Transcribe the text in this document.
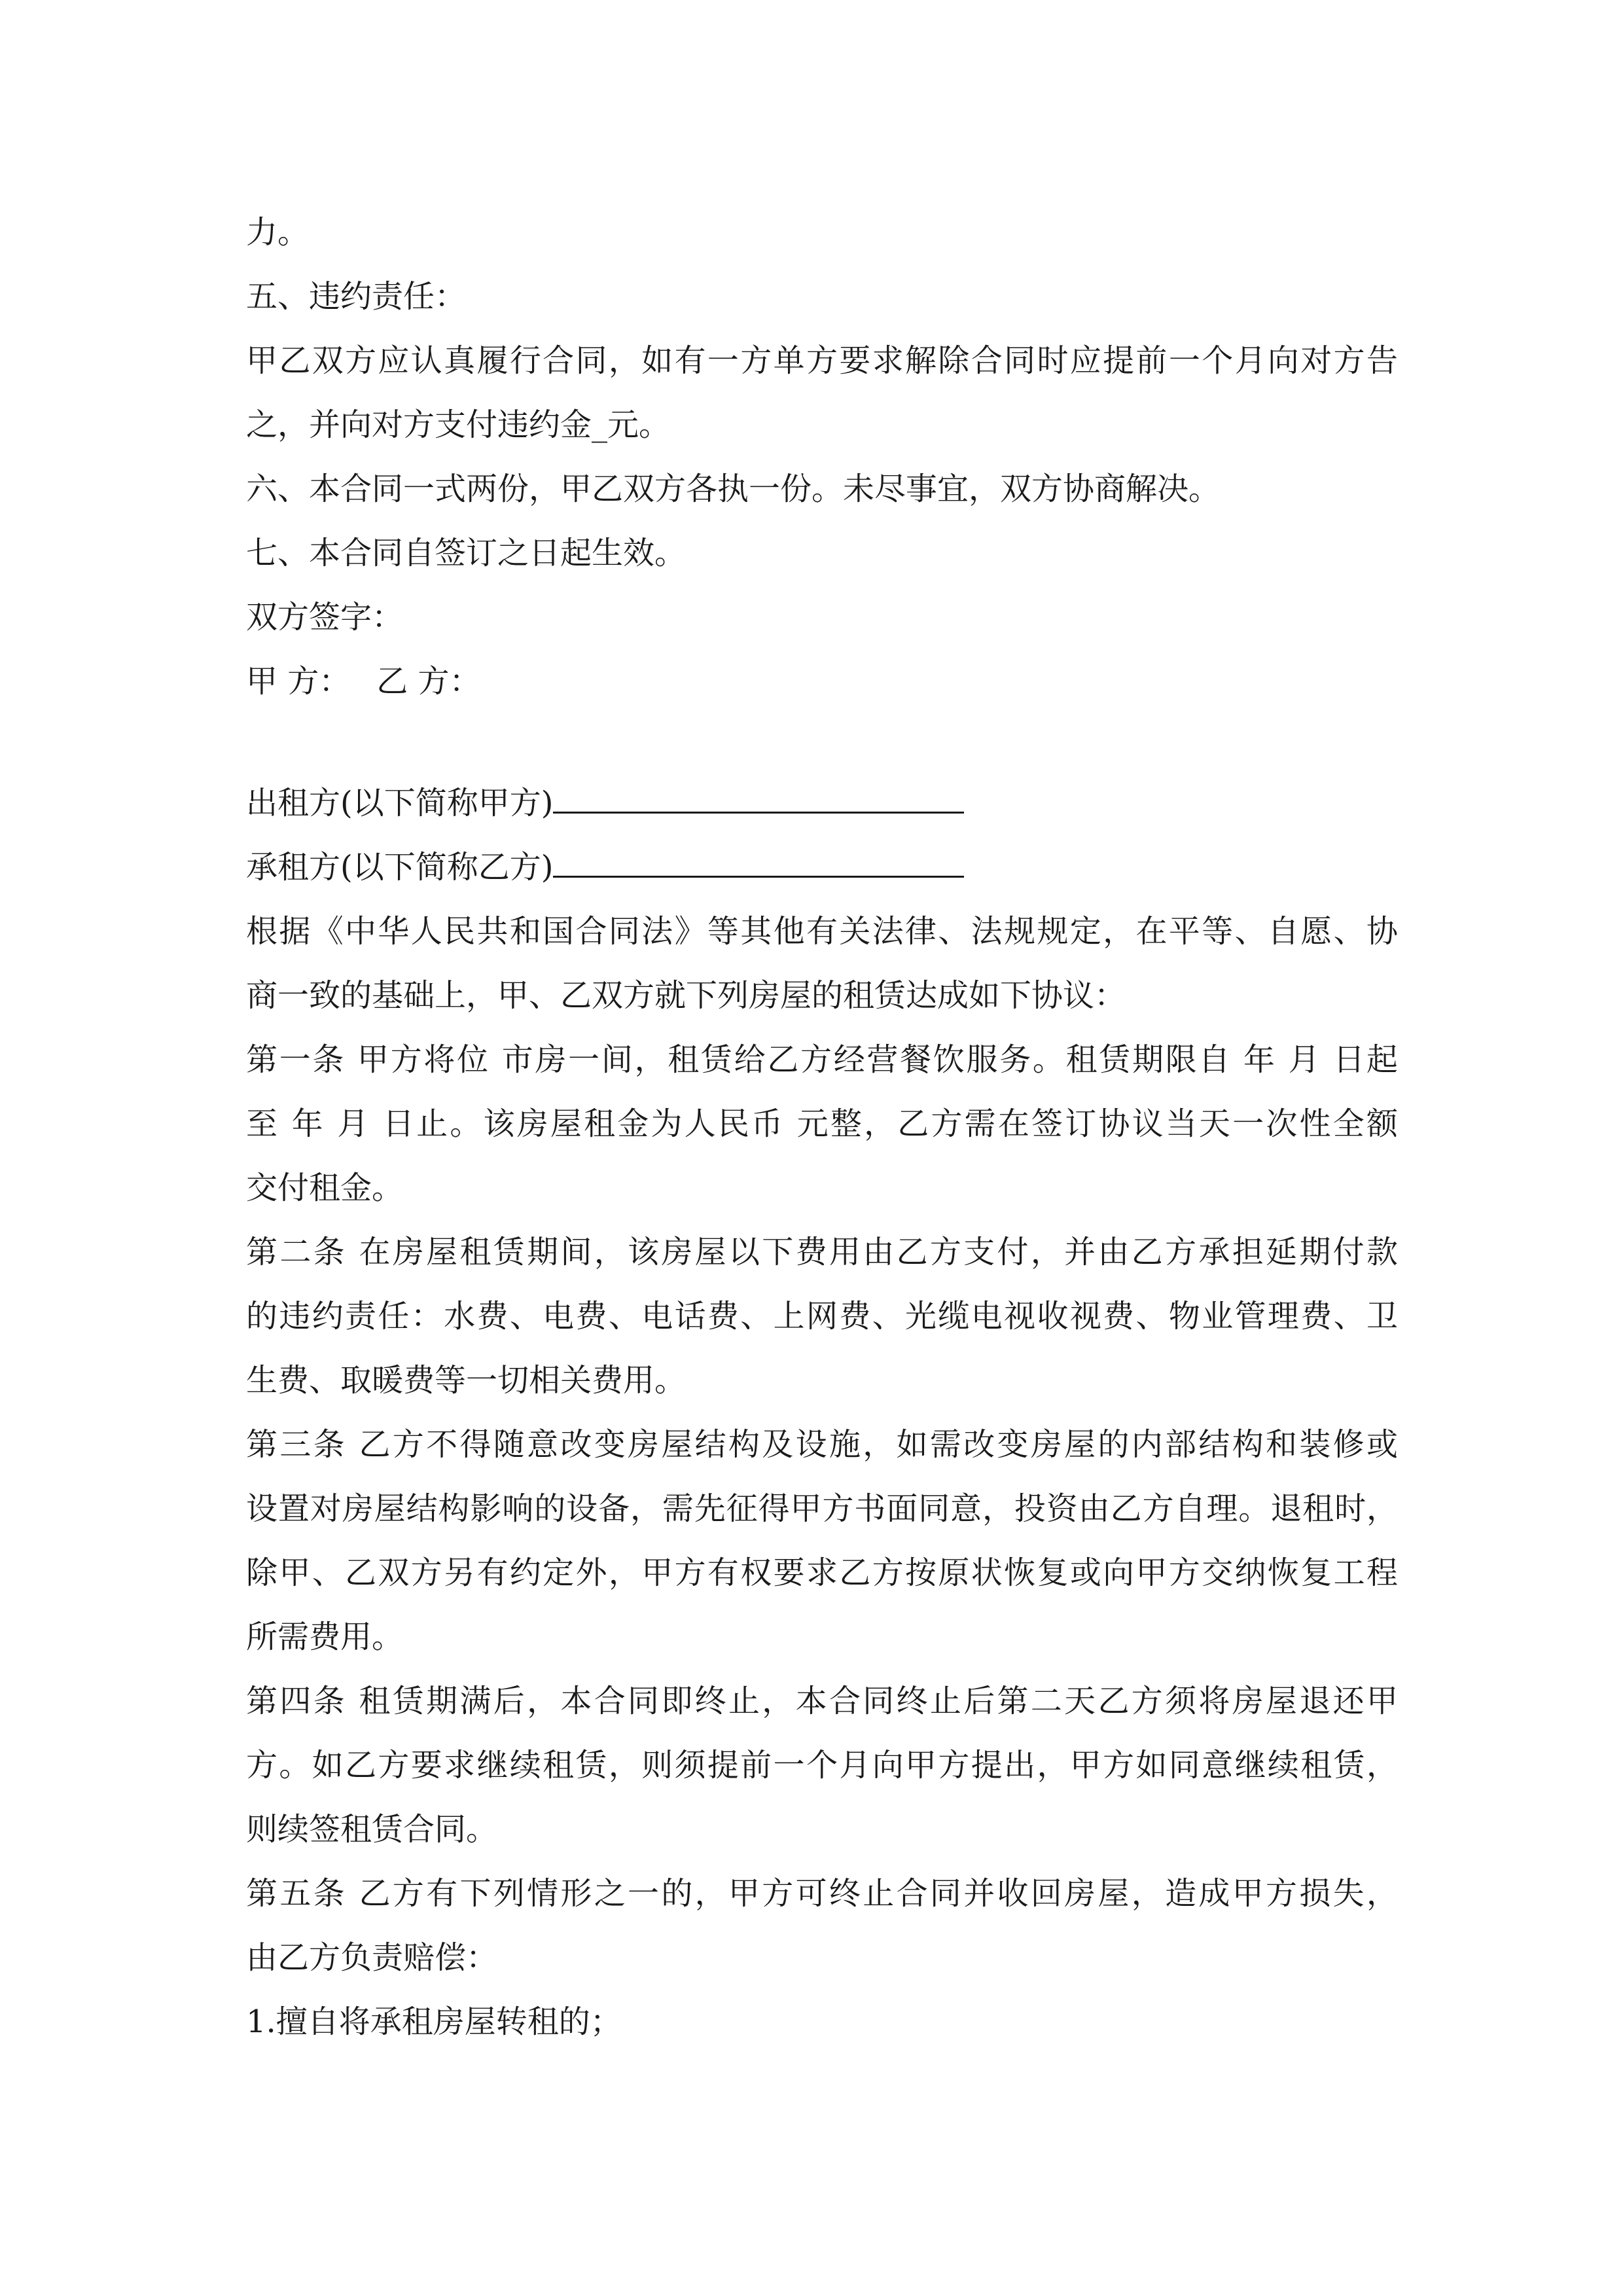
力。
五、违约责任：
甲乙双方应认真履行合同，如有一方单方要求解除合同时应提前一个月向对方告
之，并向对方支付违约金_元。
六、本合同一式两份，甲乙双方各执一份。未尽事宜，双方协商解决。
七、本合同自签订之日起生效。
双方签字：
甲 方： 乙 方：
出租方(以下简称甲方)
承租方(以下简称乙方)
根据《中华人民共和国合同法》等其他有关法律、法规规定，在平等、自愿、协
商一致的基础上，甲、乙双方就下列房屋的租赁达成如下协议：
第一条 甲方将位 市房一间，租赁给乙方经营餐饮服务。租赁期限自 年 月 日起
至 年 月 日止。该房屋租金为人民币 元整，乙方需在签订协议当天一次性全额
交付租金。
第二条 在房屋租赁期间，该房屋以下费用由乙方支付，并由乙方承担延期付款
的违约责任：水费、电费、电话费、上网费、光缆电视收视费、物业管理费、卫
生费、取暖费等一切相关费用。
第三条 乙方不得随意改变房屋结构及设施，如需改变房屋的内部结构和装修或
设置对房屋结构影响的设备，需先征得甲方书面同意，投资由乙方自理。退租时，
除甲、乙双方另有约定外，甲方有权要求乙方按原状恢复或向甲方交纳恢复工程
所需费用。
第四条 租赁期满后，本合同即终止，本合同终止后第二天乙方须将房屋退还甲
方。如乙方要求继续租赁，则须提前一个月向甲方提出，甲方如同意继续租赁，
则续签租赁合同。
第五条 乙方有下列情形之一的，甲方可终止合同并收回房屋，造成甲方损失，
由乙方负责赔偿：
1.擅自将承租房屋转租的；
